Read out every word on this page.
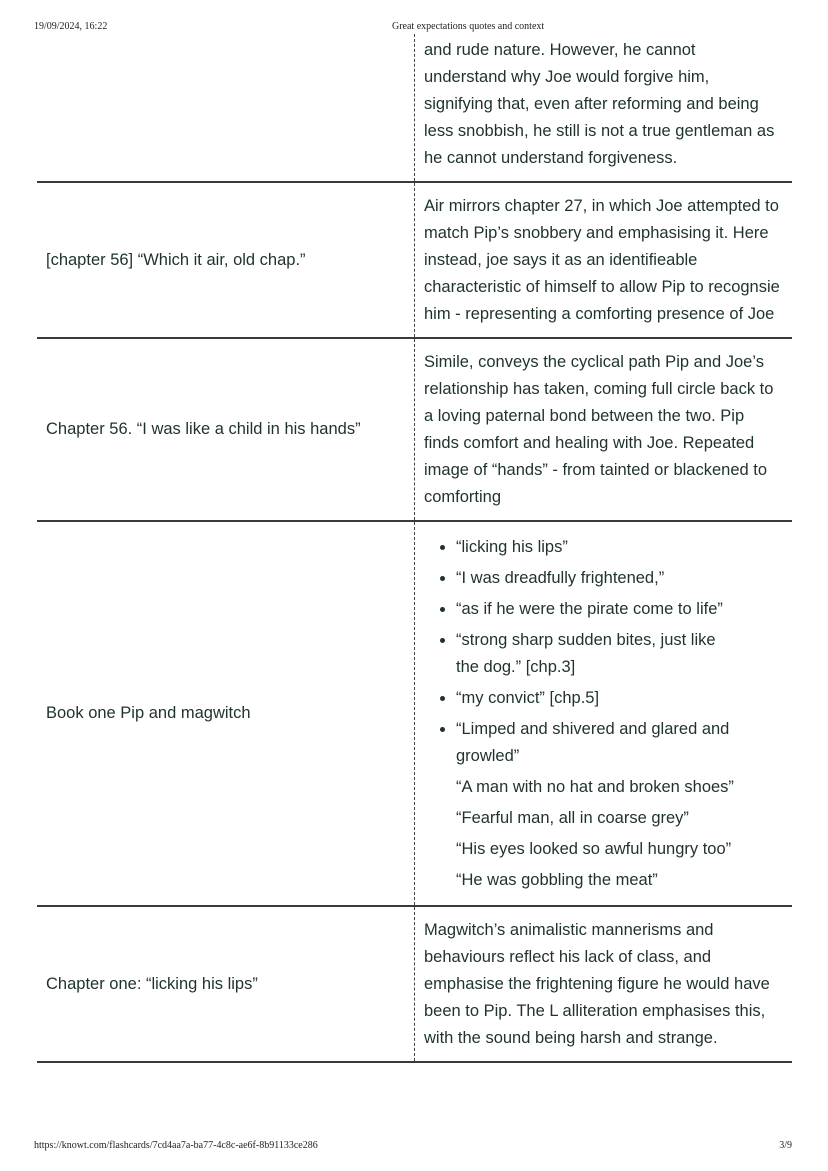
19/09/2024, 16:22	Great expectations quotes and context
and rude nature. However, he cannot understand why Joe would forgive him, signifying that, even after reforming and being less snobbish, he still is not a true gentleman as he cannot understand forgiveness.
[chapter 56] “Which it air, old chap.”
Air mirrors chapter 27, in which Joe attempted to match Pip’s snobbery and emphasising it. Here instead, joe says it as an identifieable characteristic of himself to allow Pip to recognsie him - representing a comforting presence of Joe
Chapter 56. “I was like a child in his hands”
Simile, conveys the cyclical path Pip and Joe’s relationship has taken, coming full circle back to a loving paternal bond between the two. Pip finds comfort and healing with Joe. Repeated image of “hands” - from tainted or blackened to comforting
Book one Pip and magwitch
• “licking his lips”
• “I was dreadfully frightened,”
• “as if he were the pirate come to life”
• “strong sharp sudden bites, just like the dog.” [chp.3]
• “my convict” [chp.5]
• “Limped and shivered and glared and growled”
“A man with no hat and broken shoes”
“Fearful man, all in coarse grey”
“His eyes looked so awful hungry too”
“He was gobbling the meat”
Chapter one: “licking his lips”
Magwitch’s animalistic mannerisms and behaviours reflect his lack of class, and emphasise the frightening figure he would have been to Pip. The L alliteration emphasises this, with the sound being harsh and strange.
https://knowt.com/flashcards/7cd4aa7a-ba77-4c8c-ae6f-8b91133ce286	3/9
